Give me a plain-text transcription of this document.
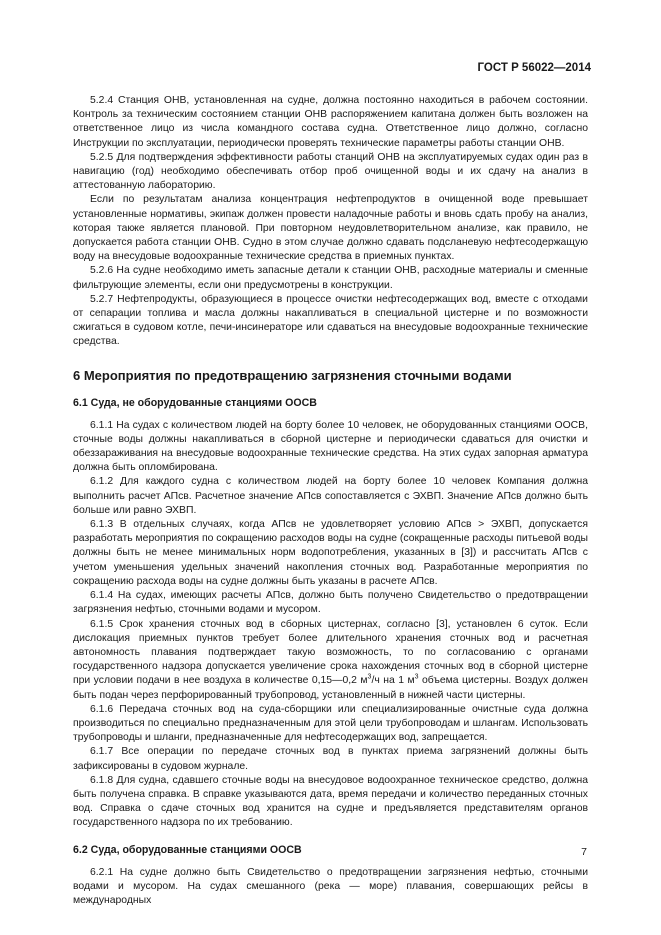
ГОСТ Р 56022—2014

5.2.4 Станция ОНВ, установленная на судне, должна постоянно находиться в рабочем состоянии. Контроль за техническим состоянием станции ОНВ распоряжением капитана должен быть возложен на ответственное лицо из числа командного состава судна. Ответственное лицо должно, согласно Инструкции по эксплуатации, периодически проверять технические параметры работы станции ОНВ.

5.2.5 Для подтверждения эффективности работы станций ОНВ на эксплуатируемых судах один раз в навигацию (год) необходимо обеспечивать отбор проб очищенной воды и их сдачу на анализ в аттестованную лабораторию.

Если по результатам анализа концентрация нефтепродуктов в очищенной воде превышает установленные нормативы, экипаж должен провести наладочные работы и вновь сдать пробу на анализ, которая также является плановой. При повторном неудовлетворительном анализе, как правило, не допускается работа станции ОНВ. Судно в этом случае должно сдавать подсланевую нефтесодержащую воду на внесудовые водоохранные технические средства в приемных пунктах.

5.2.6 На судне необходимо иметь запасные детали к станции ОНВ, расходные материалы и сменные фильтрующие элементы, если они предусмотрены в конструкции.

5.2.7 Нефтепродукты, образующиеся в процессе очистки нефтесодержащих вод, вместе с отходами от сепарации топлива и масла должны накапливаться в специальной цистерне и по возможности сжигаться в судовом котле, печи-инсинераторе или сдаваться на внесудовые водоохранные технические средства.

6 Мероприятия по предотвращению загрязнения сточными водами
6.1 Суда, не оборудованные станциями ООСВ

6.1.1 На судах с количеством людей на борту более 10 человек, не оборудованных станциями ООСВ, сточные воды должны накапливаться в сборной цистерне и периодически сдаваться для очистки и обеззараживания на внесудовые водоохранные технические средства. На этих судах запорная арматура должна быть опломбирована.

6.1.2 Для каждого судна с количеством людей на борту более 10 человек Компания должна выполнить расчет АПсв. Расчетное значение АПсв сопоставляется с ЭХВП. Значение АПсв должно быть больше или равно ЭХВП.

6.1.3 В отдельных случаях, когда АПсв не удовлетворяет условию АПсв > ЭХВП, допускается разработать мероприятия по сокращению расходов воды на судне (сокращенные расходы питьевой воды должны быть не менее минимальных норм водопотребления, указанных в [3]) и рассчитать АПсв с учетом уменьшения удельных значений накопления сточных вод. Разработанные мероприятия по сокращению расхода воды на судне должны быть указаны в расчете АПсв.

6.1.4 На судах, имеющих расчеты АПсв, должно быть получено Свидетельство о предотвращении загрязнения нефтью, сточными водами и мусором.

6.1.5 Срок хранения сточных вод в сборных цистернах, согласно [3], установлен 6 суток. Если дислокация приемных пунктов требует более длительного хранения сточных вод и расчетная автономность плавания подтверждает такую возможность, то по согласованию с органами государственного надзора допускается увеличение срока нахождения сточных вод в сборной цистерне при условии подачи в нее воздуха в количестве 0,15—0,2 $м^3/ч$ на 1 $м^3$ объема цистерны. Воздух должен быть подан через перфорированный трубопровод, установленный в нижней части цистерны.

6.1.6 Передача сточных вод на суда-сборщики или специализированные очистные суда должна производиться по специально предназначенным для этой цели трубопроводам и шлангам. Использовать трубопроводы и шланги, предназначенные для нефтесодержащих вод, запрещается.

6.1.7 Все операции по передаче сточных вод в пунктах приема загрязнений должны быть зафиксированы в судовом журнале.

6.1.8 Для судна, сдавшего сточные воды на внесудовое водоохранное техническое средство, должна быть получена справка. В справке указываются дата, время передачи и количество переданных сточных вод. Справка о сдаче сточных вод хранится на судне и предъявляется представителям органов государственного надзора по их требованию.

6.2 Суда, оборудованные станциями ООСВ

6.2.1 На судне должно быть Свидетельство о предотвращении загрязнения нефтью, сточными водами и мусором. На судах смешанного (река — море) плавания, совершающих рейсы в международных

7
